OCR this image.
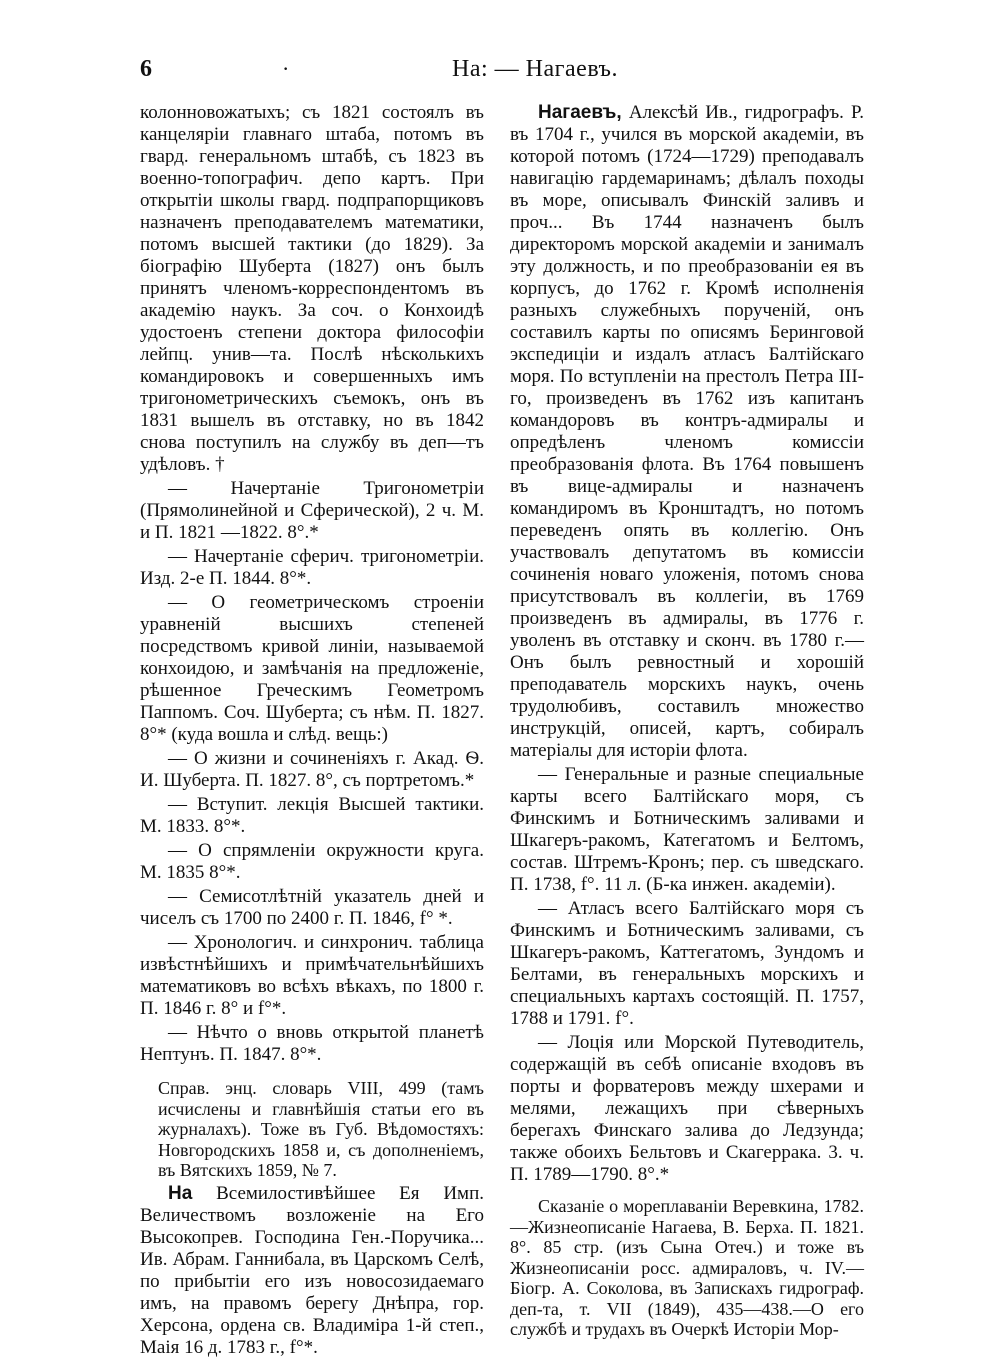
6	·	На: — Нагаевъ.

колонновожатыхъ; съ 1821 состоялъ въ канцеляріи главнаго штаба, потомъ въ гвард. генеральномъ штабѣ, съ 1823 въ военно-топографич. депо картъ. При открытіи школы гвард. подпрапорщиковъ назначенъ преподавателемъ математики, потомъ высшей тактики (до 1829). За біографію Шуберта (1827) онъ былъ принятъ членомъ-корреспондентомъ въ академію наукъ. За соч. о Конхоидѣ удостоенъ степени доктора философіи лейпц. унив—та. Послѣ нѣсколькихъ командировокъ и совершенныхъ имъ тригонометрическихъ съемокъ, онъ въ 1831 вышелъ въ отставку, но въ 1842 снова поступилъ на службу въ деп—тъ удѣловъ. †

— Начертаніе Тригонометріи (Прямолинейной и Сферической), 2 ч. М. и П. 1821 —1822. 8°.*

— Начертаніе сферич. тригонометріи. Изд. 2-е П. 1844. 8°*.

— О геометрическомъ строеніи уравненій высшихъ степеней посредствомъ кривой линіи, называемой конхоидою, и замѣчанія на предложеніе, рѣшенное Греческимъ Геометромъ Паппомъ. Соч. Шуберта; съ нѣм. П. 1827. 8°* (куда вошла и слѣд. вещь:)

— О жизни и сочиненіяхъ г. Акад. Ѳ. И. Шуберта. П. 1827. 8°, съ портретомъ.*

— Вступит. лекція Высшей тактики. М. 1833. 8°*.

— О спрямленіи окружности круга. М. 1835 8°*.

— Семисотлѣтній указатель дней и чиселъ съ 1700 по 2400 г. П. 1846, f° *.

— Хронологич. и синхронич. таблица извѣстнѣйшихъ и примѣчательнѣйшихъ математиковъ во всѣхъ вѣкахъ, по 1800 г. П. 1846 г. 8° и f°*.

— Нѣчто о вновь открытой планетѣ Нептунъ. П. 1847. 8°*.

Справ. энц. словарь VIII, 499 (тамъ исчислены и главнѣйшія статьи его въ журналахъ). Тоже въ Губ. Вѣдомостяхъ: Новгородскихъ 1858 и, съ дополненіемъ, въ Вятскихъ 1859, № 7.

На Всемилостивѣйшее Ея Имп. Величествомъ возложеніе на Его Высокопрев. Господина Ген.-Поручика... Ив. Абрам. Ганнибала, въ Царскомъ Селѣ, по прибытіи его изъ новосозидаемаго имъ, на правомъ берегу Днѣпра, гор. Херсона, ордена св. Владиміра 1-й степ., Маія 16 д. 1783 г., f°*.

Нагаевъ, Алексѣй Ив., гидрографъ. Р. въ 1704 г., учился въ морской академіи, въ которой потомъ (1724—1729) преподавалъ навигацію гардемаринамъ; дѣлалъ походы въ море, описывалъ Финскій заливъ и проч... Въ 1744 назначенъ былъ директоромъ морской академіи и занималъ эту должность, и по преобразованіи ея въ корпусъ, до 1762 г. Кромѣ исполненія разныхъ служебныхъ порученій, онъ составилъ карты по описямъ Беринговой экспедиціи и издалъ атласъ Балтійскаго моря. По вступленіи на престолъ Петра III-го, произведенъ въ 1762 изъ капитанъ командоровъ въ контръ-адмиралы и опредѣленъ членомъ комиссіи преобразованія флота. Въ 1764 повышенъ въ вице-адмиралы и назначенъ командиромъ въ Кронштадтъ, но потомъ переведенъ опять въ коллегію. Онъ участвовалъ депутатомъ въ комиссіи сочиненія новаго уложенія, потомъ снова присутствовалъ въ коллегіи, въ 1769 произведенъ въ адмиралы, въ 1776 г. уволенъ въ отставку и сконч. въ 1780 г.—Онъ былъ ревностный и хорошій преподаватель морскихъ наукъ, очень трудолюбивъ, составилъ множество инструкцій, описей, картъ, собиралъ матеріалы для исторіи флота.

— Генеральные и разные специальные карты всего Балтійскаго моря, съ Финскимъ и Ботническимъ заливами и Шкагеръ-ракомъ, Категатомъ и Белтомъ, состав. Штремъ-Кронъ; пер. съ шведскаго. П. 1738, f°. 11 л. (Б-ка инжен. академіи).

— Атласъ всего Балтійскаго моря съ Финскимъ и Ботническимъ заливами, съ Шкагеръ-ракомъ, Каттегатомъ, Зундомъ и Белтами, въ генеральныхъ морскихъ и специальныхъ картахъ состоящій. П. 1757, 1788 и 1791. f°.

— Лоція или Морской Путеводитель, содержащій въ себѣ описаніе входовъ въ порты и форватеровъ между шхерами и мелями, лежащихъ при сѣверныхъ берегахъ Финскаго залива до Ледзунда; также обоихъ Бельтовъ и Скагеррака. 3. ч. П. 1789—1790. 8°.*

Сказаніе о мореплаваніи Веревкина, 1782.—Жизнеописаніе Нагаева, В. Берха. П. 1821. 8°. 85 стр. (изъ Сына Отеч.) и тоже въ Жизнеописаніи росс. адмираловъ, ч. IV.—Біогр. А. Соколова, въ Запискахъ гидрограф. деп-та, т. VII (1849), 435—438.—О его службѣ и трудахъ въ Очеркѣ Исторіи Мор-
